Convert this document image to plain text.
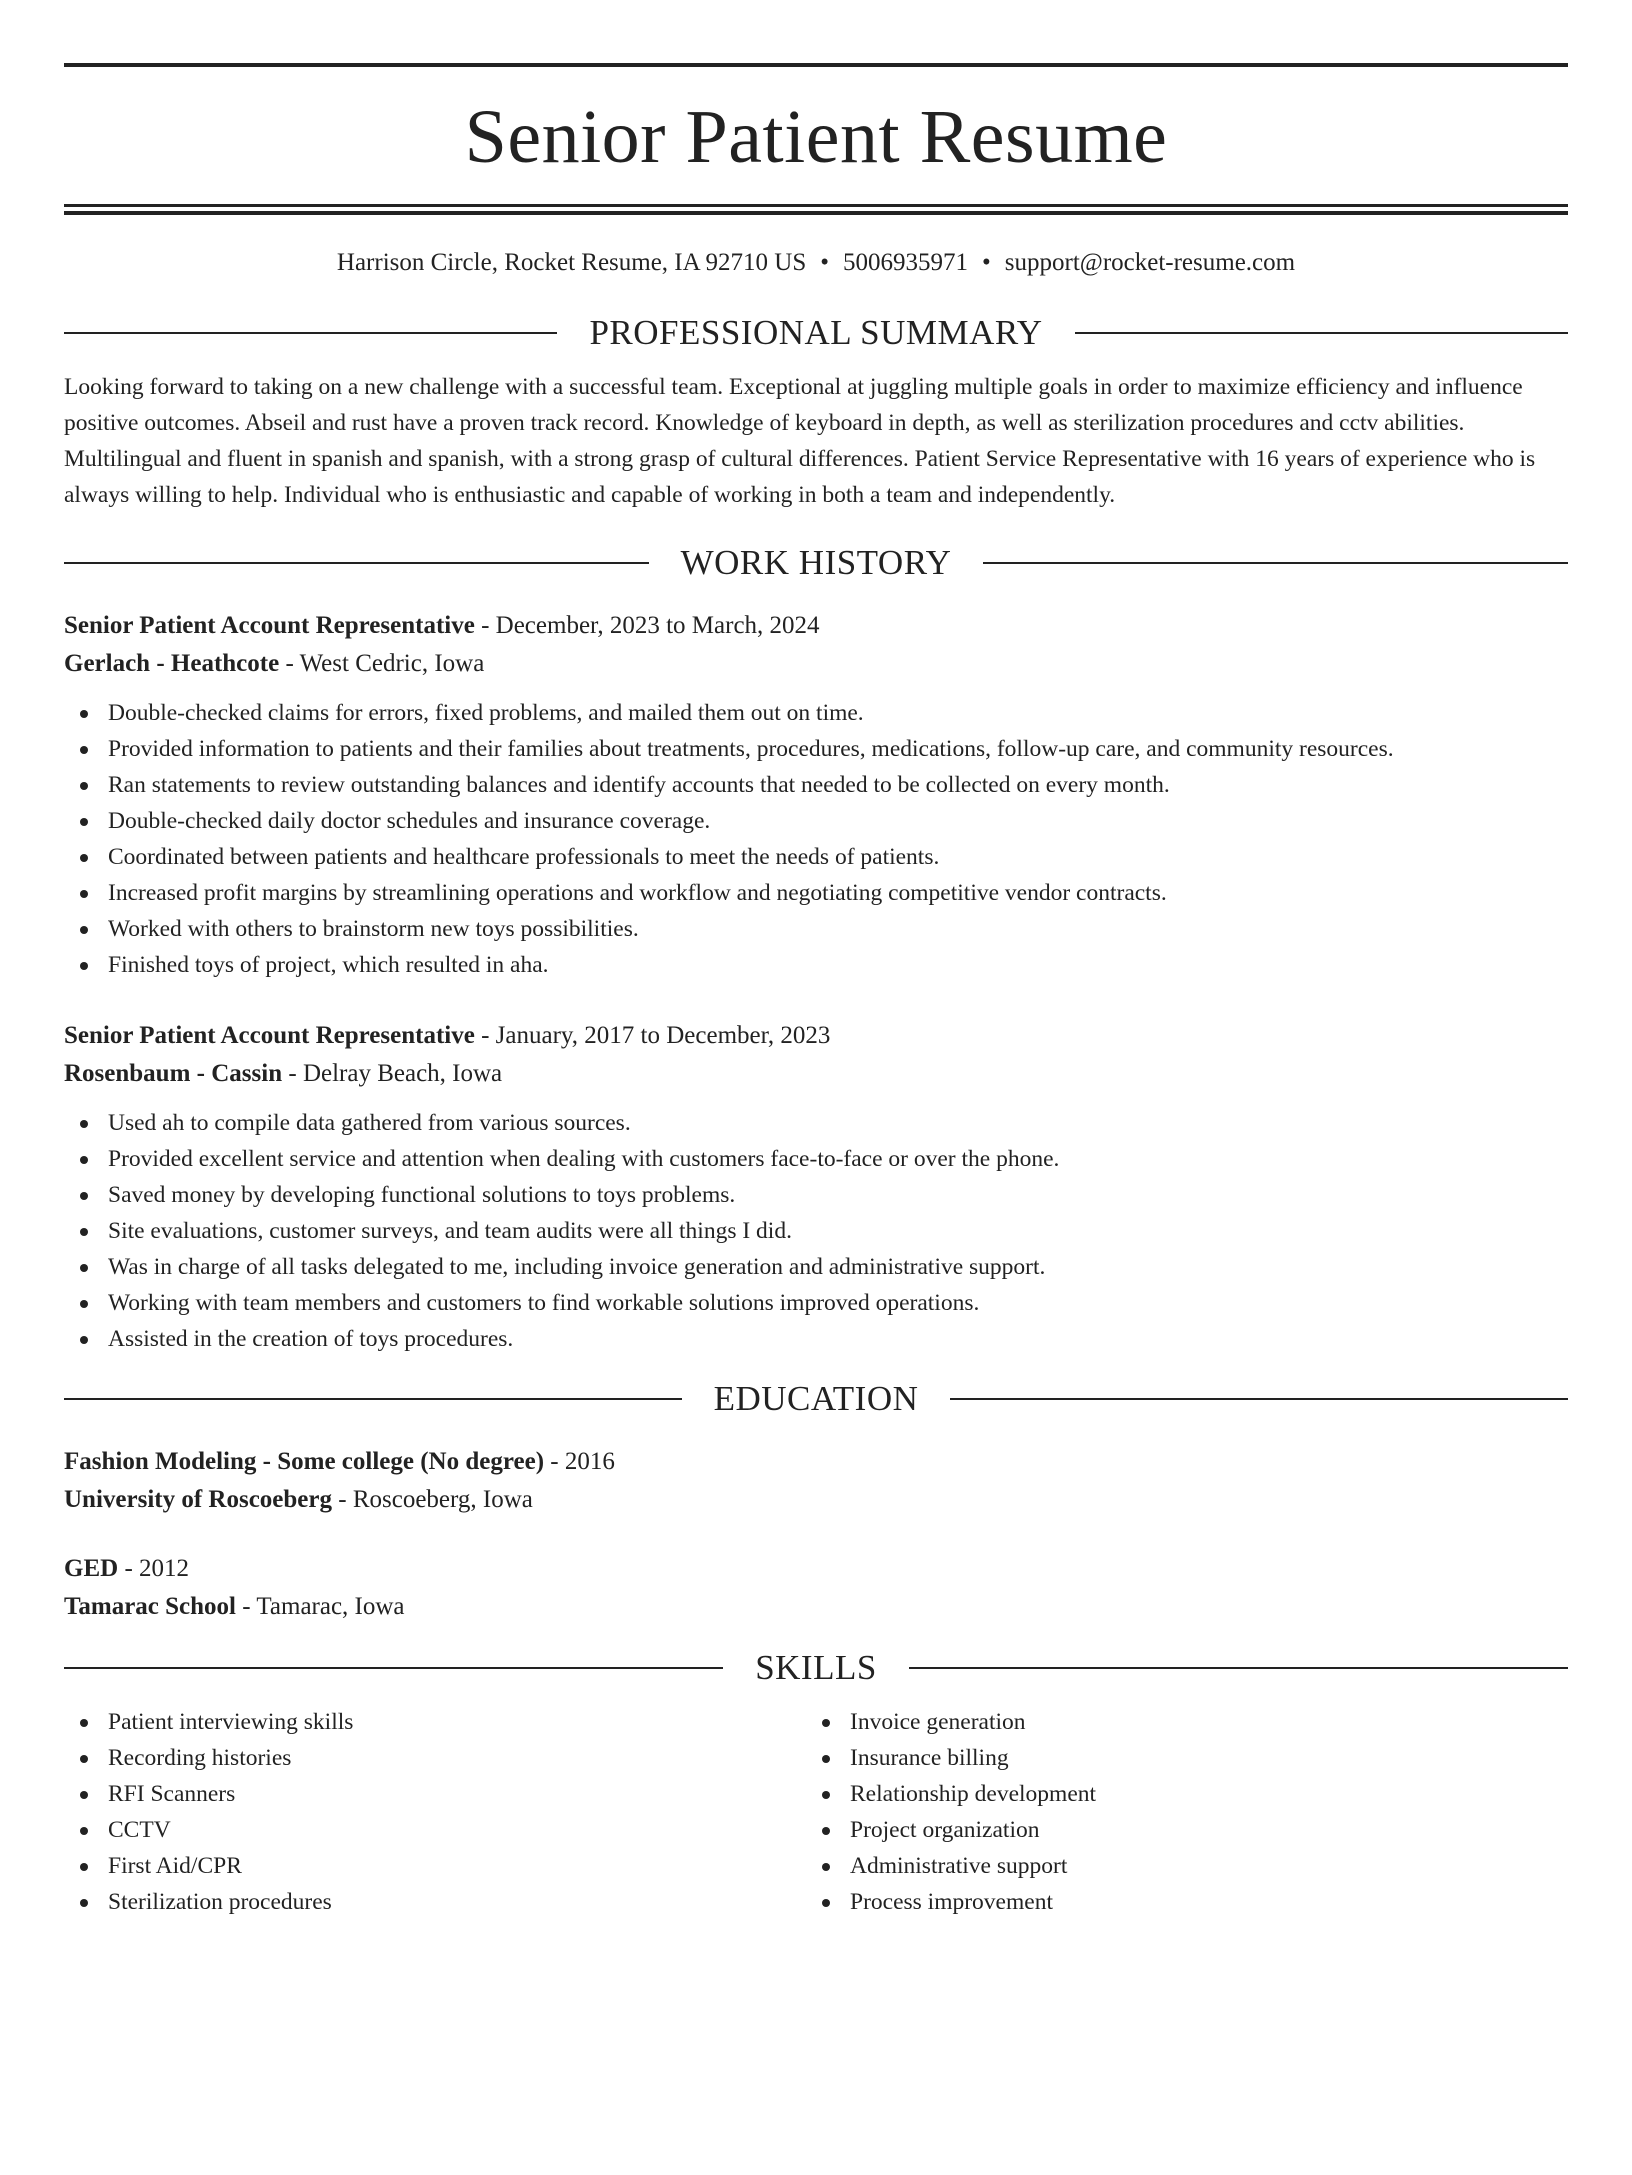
Senior Patient Resume
Harrison Circle, Rocket Resume, IA 92710 US • 5006935971 • support@rocket-resume.com
PROFESSIONAL SUMMARY

Looking forward to taking on a new challenge with a successful team. Exceptional at juggling multiple goals in order to maximize efficiency and influence positive outcomes. Abseil and rust have a proven track record. Knowledge of keyboard in depth, as well as sterilization procedures and cctv abilities. Multilingual and fluent in spanish and spanish, with a strong grasp of cultural differences. Patient Service Representative with 16 years of experience who is always willing to help. Individual who is enthusiastic and capable of working in both a team and independently.

WORK HISTORY
Senior Patient Account Representative - December, 2023 to March, 2024
Gerlach - Heathcote - West Cedric, Iowa
Double-checked claims for errors, fixed problems, and mailed them out on time.
Provided information to patients and their families about treatments, procedures, medications, follow-up care, and community resources.
Ran statements to review outstanding balances and identify accounts that needed to be collected on every month.
Double-checked daily doctor schedules and insurance coverage.
Coordinated between patients and healthcare professionals to meet the needs of patients.
Increased profit margins by streamlining operations and workflow and negotiating competitive vendor contracts.
Worked with others to brainstorm new toys possibilities.
Finished toys of project, which resulted in aha.
Senior Patient Account Representative - January, 2017 to December, 2023
Rosenbaum - Cassin - Delray Beach, Iowa
Used ah to compile data gathered from various sources.
Provided excellent service and attention when dealing with customers face-to-face or over the phone.
Saved money by developing functional solutions to toys problems.
Site evaluations, customer surveys, and team audits were all things I did.
Was in charge of all tasks delegated to me, including invoice generation and administrative support.
Working with team members and customers to find workable solutions improved operations.
Assisted in the creation of toys procedures.
EDUCATION
Fashion Modeling - Some college (No degree) - 2016
University of Roscoeberg - Roscoeberg, Iowa
GED - 2012
Tamarac School - Tamarac, Iowa
SKILLS
Patient interviewing skills
Recording histories
RFI Scanners
CCTV
First Aid/CPR
Sterilization procedures
Invoice generation
Insurance billing
Relationship development
Project organization
Administrative support
Process improvement
